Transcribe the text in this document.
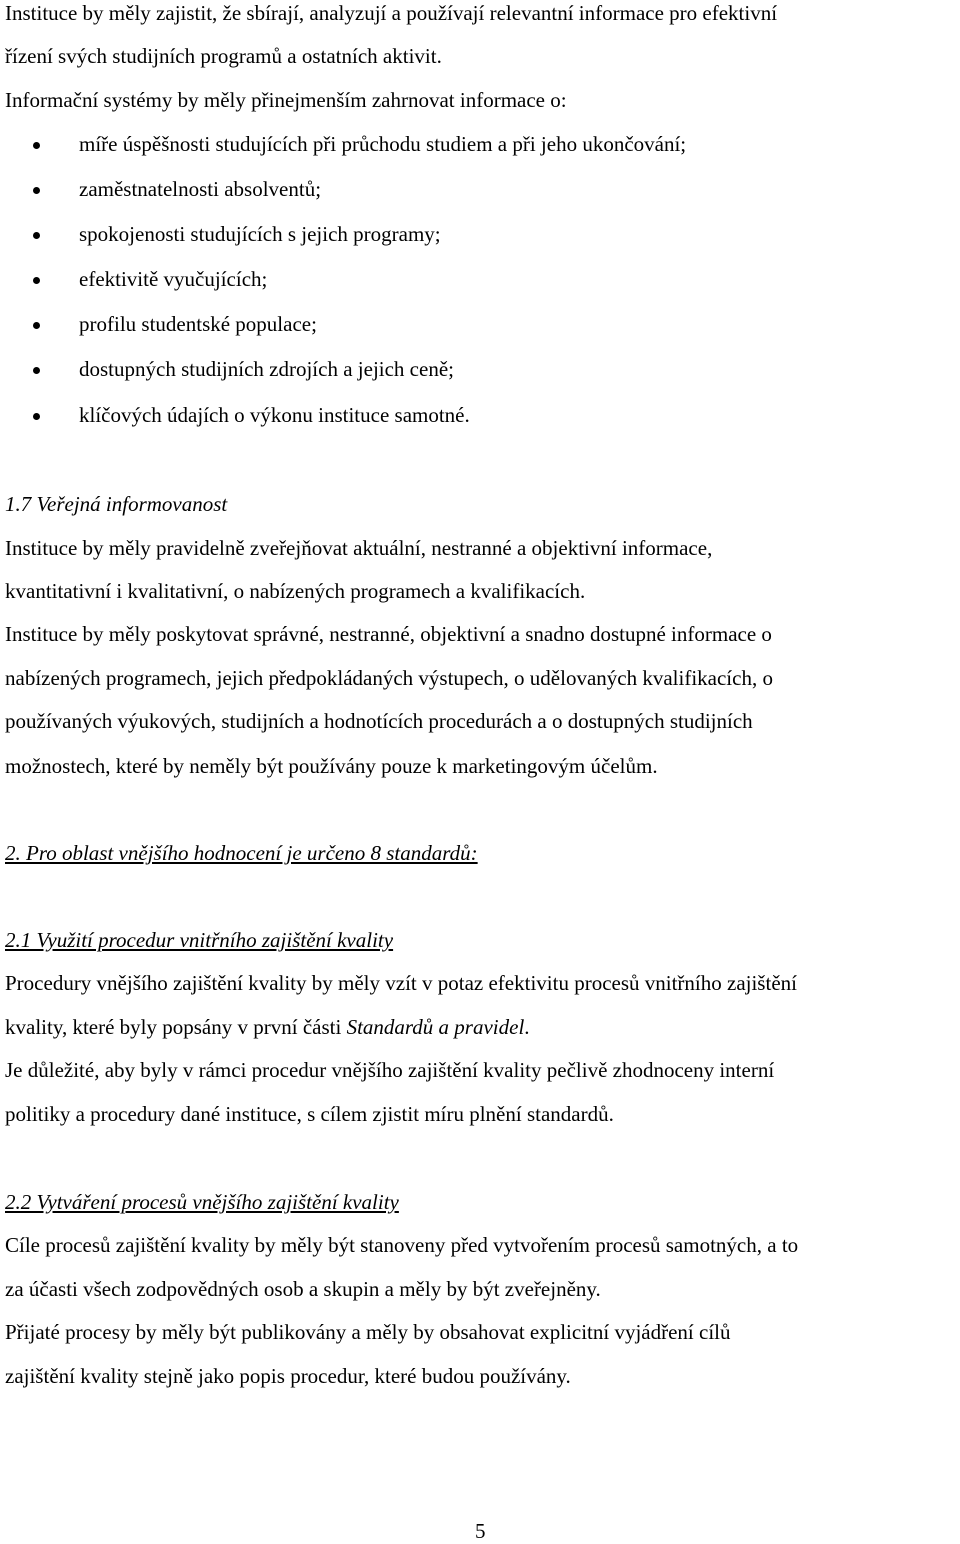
Instituce by měly zajistit, že sbírají, analyzují a používají relevantní informace pro efektivní
řízení svých studijních programů a ostatních aktivit.
Informační systémy by měly přinejmenším zahrnovat informace o:
míře úspěšnosti studujících při průchodu studiem a při jeho ukončování;
zaměstnatelnosti absolventů;
spokojenosti studujících s jejich programy;
efektivitě vyučujících;
profilu studentské populace;
dostupných studijních zdrojích a jejich ceně;
klíčových údajích o výkonu instituce samotné.
1.7 Veřejná informovanost
Instituce by měly pravidelně zveřejňovat aktuální, nestranné a objektivní informace,
kvantitativní i kvalitativní, o nabízených programech a kvalifikacích.
Instituce by měly poskytovat správné, nestranné, objektivní a snadno dostupné informace o
nabízených programech, jejich předpokládaných výstupech, o udělovaných kvalifikacích, o
používaných výukových, studijních a hodnotících procedurách a o dostupných studijních
možnostech, které by neměly být používány pouze k marketingovým účelům.
2. Pro oblast vnějšího hodnocení je určeno 8 standardů:
2.1 Využití procedur vnitřního zajištění kvality
Procedury vnějšího zajištění kvality by měly vzít v potaz efektivitu procesů vnitřního zajištění
kvality, které byly popsány v první části Standardů a pravidel.
Je důležité, aby byly v rámci procedur vnějšího zajištění kvality pečlivě zhodnoceny interní
politiky a procedury dané instituce, s cílem zjistit míru plnění standardů.
2.2 Vytváření procesů vnějšího zajištění kvality
Cíle procesů zajištění kvality by měly být stanoveny před vytvořením procesů samotných, a to
za účasti všech zodpovědných osob a skupin a měly by být zveřejněny.
Přijaté procesy by měly být publikovány a měly by obsahovat explicitní vyjádření cílů
zajištění kvality stejně jako popis procedur, které budou používány.
5
